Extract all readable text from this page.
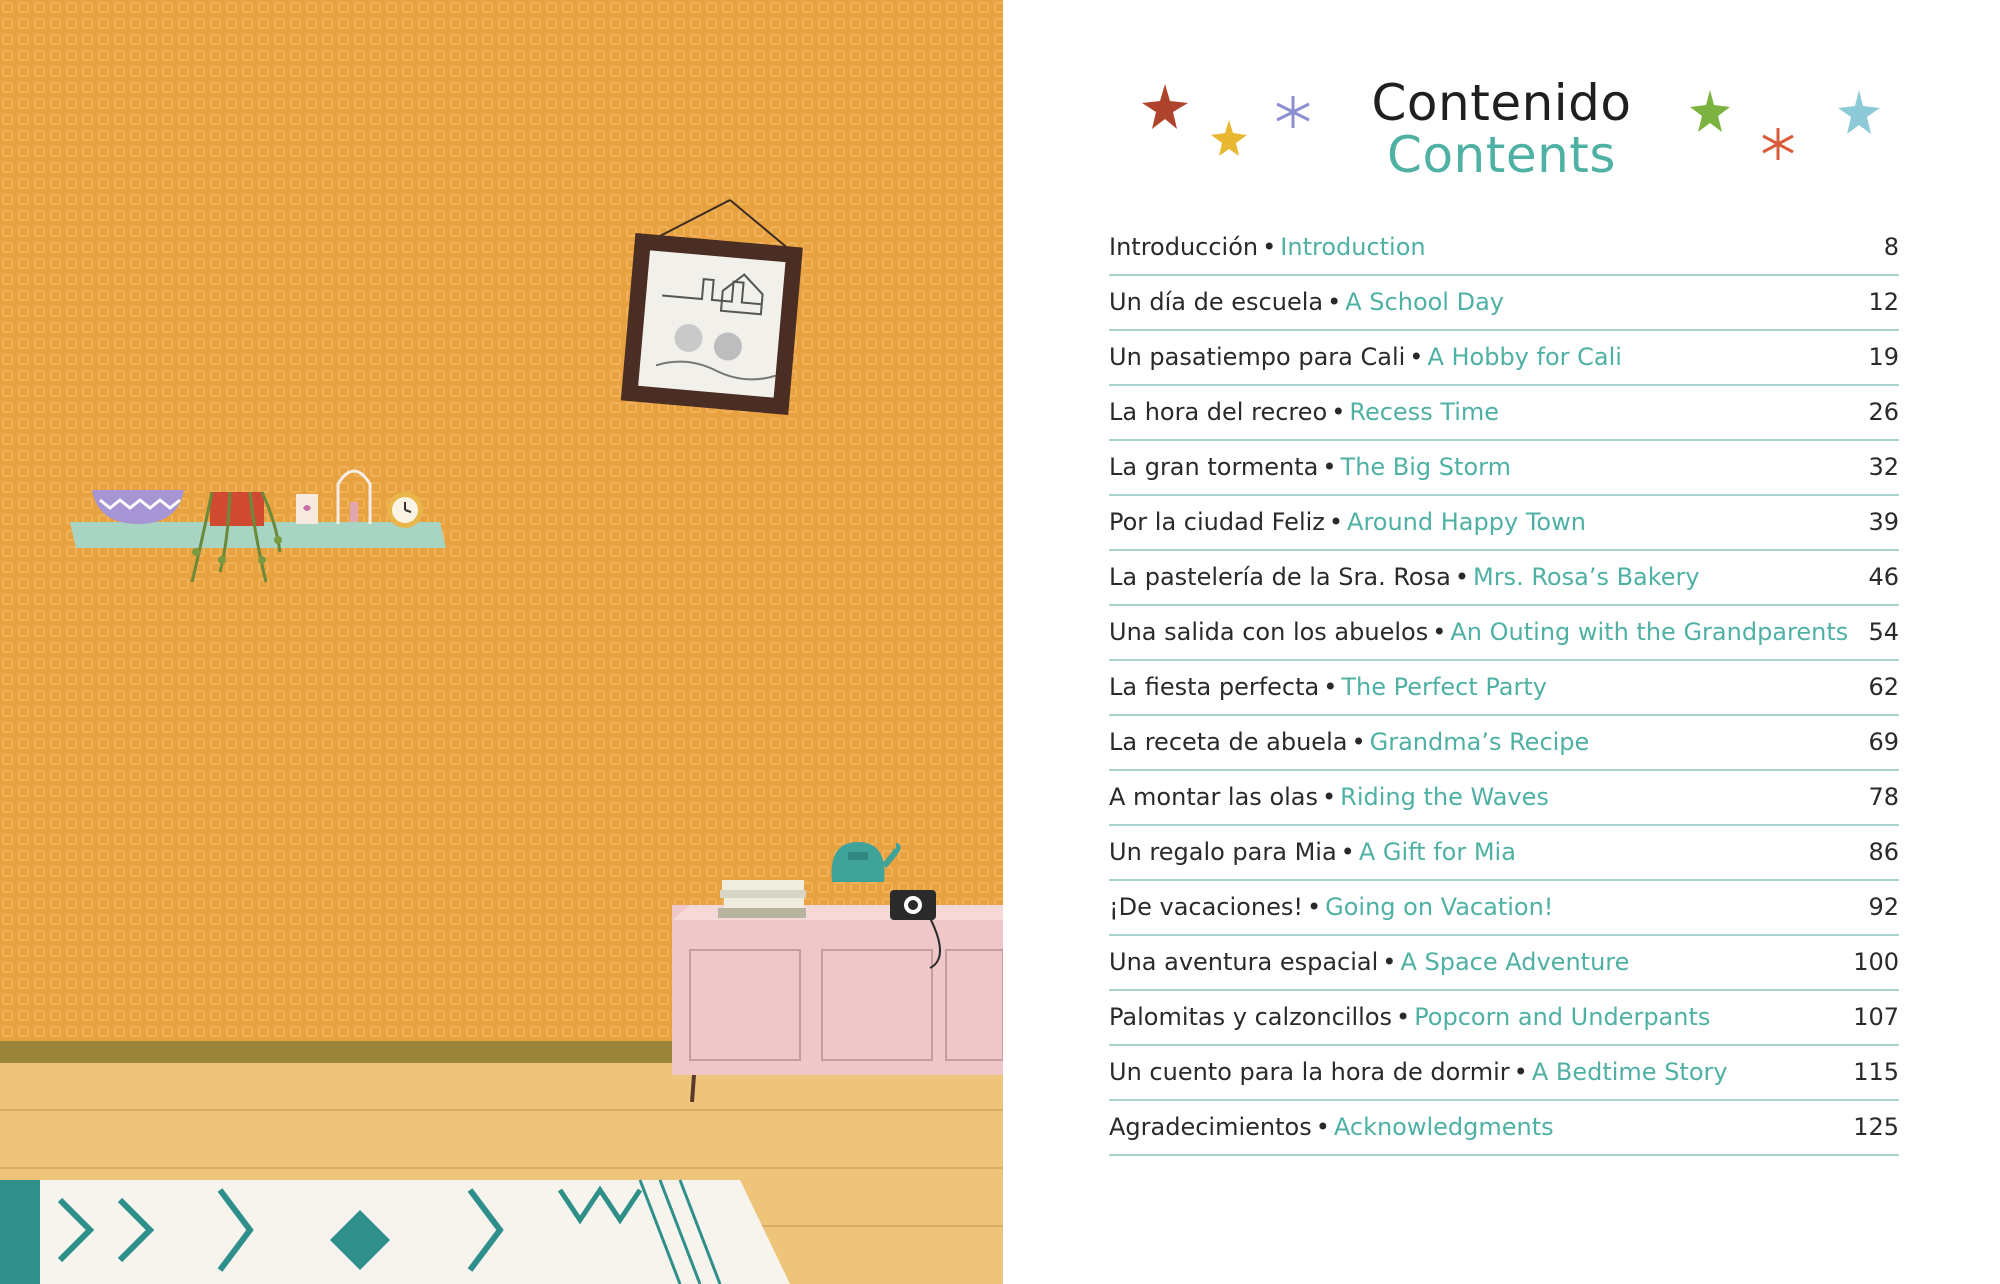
Contenido
Contents
Introducción • Introduction	8
Un día de escuela • A School Day	12
Un pasatiempo para Cali • A Hobby for Cali	19
La hora del recreo • Recess Time	26
La gran tormenta • The Big Storm	32
Por la ciudad Feliz • Around Happy Town	39
La pastelería de la Sra. Rosa • Mrs. Rosa’s Bakery	46
Una salida con los abuelos • An Outing with the Grandparents 54
La fiesta perfecta • The Perfect Party	62
La receta de abuela • Grandma’s Recipe	69
A montar las olas • Riding the Waves	78
Un regalo para Mia • A Gift for Mia	86
¡De vacaciones! • Going on Vacation!	92
Una aventura espacial • A Space Adventure	100
Palomitas y calzoncillos • Popcorn and Underpants	107
Un cuento para la hora de dormir • A Bedtime Story	115
Agradecimientos • Acknowledgments	125
